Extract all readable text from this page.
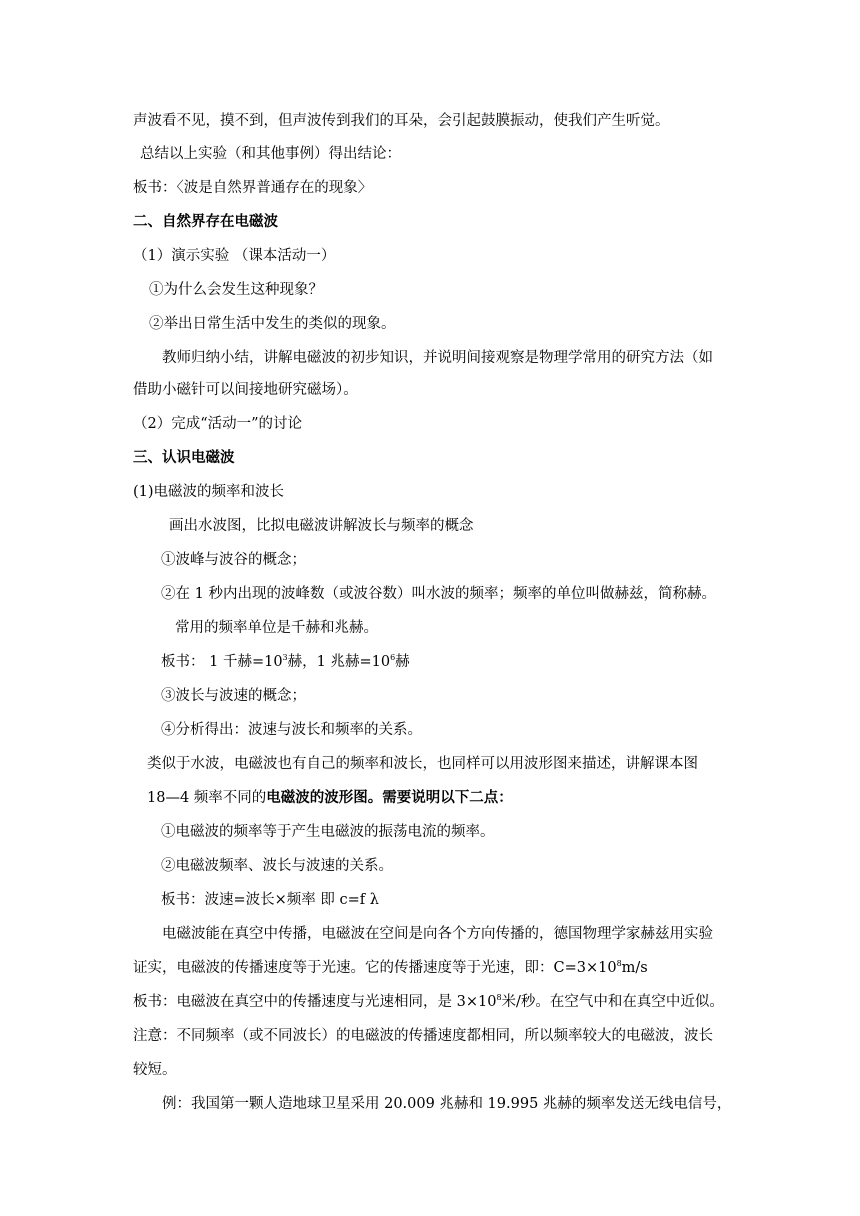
声波看不见，摸不到，但声波传到我们的耳朵，会引起鼓膜振动，使我们产生听觉。
总结以上实验（和其他事例）得出结论：
板书：〈波是自然界普通存在的现象〉
二、自然界存在电磁波
（1）演示实验 （课本活动一）
①为什么会发生这种现象？
②举出日常生活中发生的类似的现象。
教师归纳小结，讲解电磁波的初步知识，并说明间接观察是物理学常用的研究方法（如
借助小磁针可以间接地研究磁场）。
（2）完成“活动一”的讨论
三、认识电磁波
(1)电磁波的频率和波长
画出水波图，比拟电磁波讲解波长与频率的概念
①波峰与波谷的概念；
②在 1 秒内出现的波峰数（或波谷数）叫水波的频率；频率的单位叫做赫兹，简称赫。
常用的频率单位是千赫和兆赫。
板书： 1 千赫$=10^3$赫，1 兆赫$=10^6$赫
③波长与波速的概念；
④分析得出：波速与波长和频率的关系。
类似于水波，电磁波也有自己的频率和波长，也同样可以用波形图来描述，讲解课本图
18—4 频率不同的电磁波的波形图。需要说明以下二点：
①电磁波的频率等于产生电磁波的振荡电流的频率。
②电磁波频率、波长与波速的关系。
板书：波速=波长×频率 即 c=f λ
电磁波能在真空中传播，电磁波在空间是向各个方向传播的，德国物理学家赫兹用实验
证实，电磁波的传播速度等于光速。它的传播速度等于光速，即：$C=3\times 10^8m/s$
板书：电磁波在真空中的传播速度与光速相同，是 $3\times 10^8$米/秒。在空气中和在真空中近似。
注意：不同频率（或不同波长）的电磁波的传播速度都相同，所以频率较大的电磁波，波长
较短。
例：我国第一颗人造地球卫星采用 20.009 兆赫和 19.995 兆赫的频率发送无线电信号，
